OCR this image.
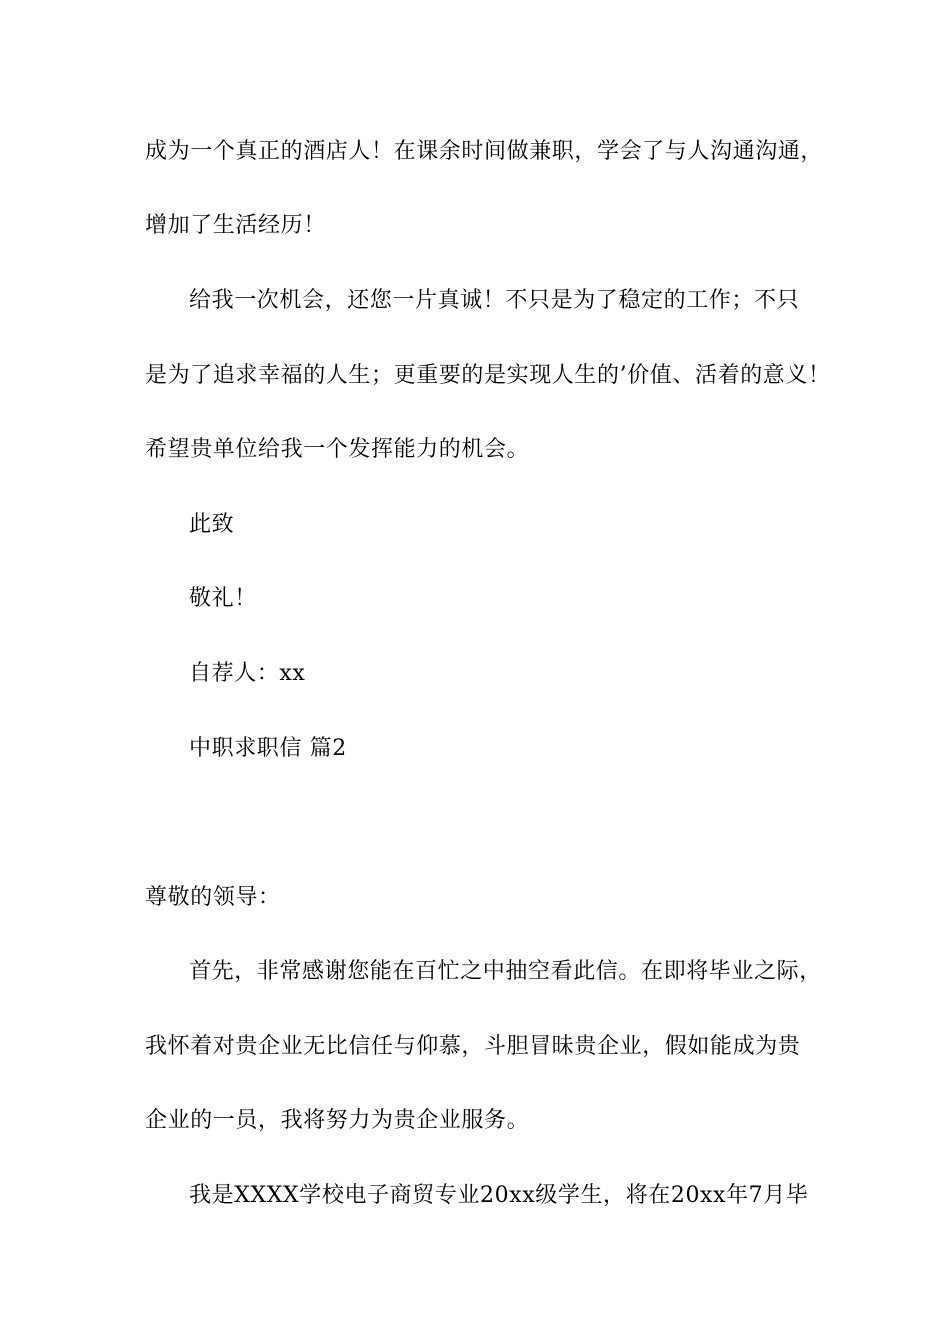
成为一个真正的酒店人！在课余时间做兼职，学会了与人沟通沟通，
增加了生活经历！
给我一次机会，还您一片真诚！不只是为了稳定的工作；不只
是为了追求幸福的人生；更重要的是实现人生的’价值、活着的意义！
希望贵单位给我一个发挥能力的机会。
此致
敬礼！
自荐人：xx
中职求职信 篇2
尊敬的领导：
首先，非常感谢您能在百忙之中抽空看此信。在即将毕业之际，
我怀着对贵企业无比信任与仰慕，斗胆冒昧贵企业，假如能成为贵
企业的一员，我将努力为贵企业服务。
我是XXXX学校电子商贸专业20xx级学生，将在20xx年7月毕
